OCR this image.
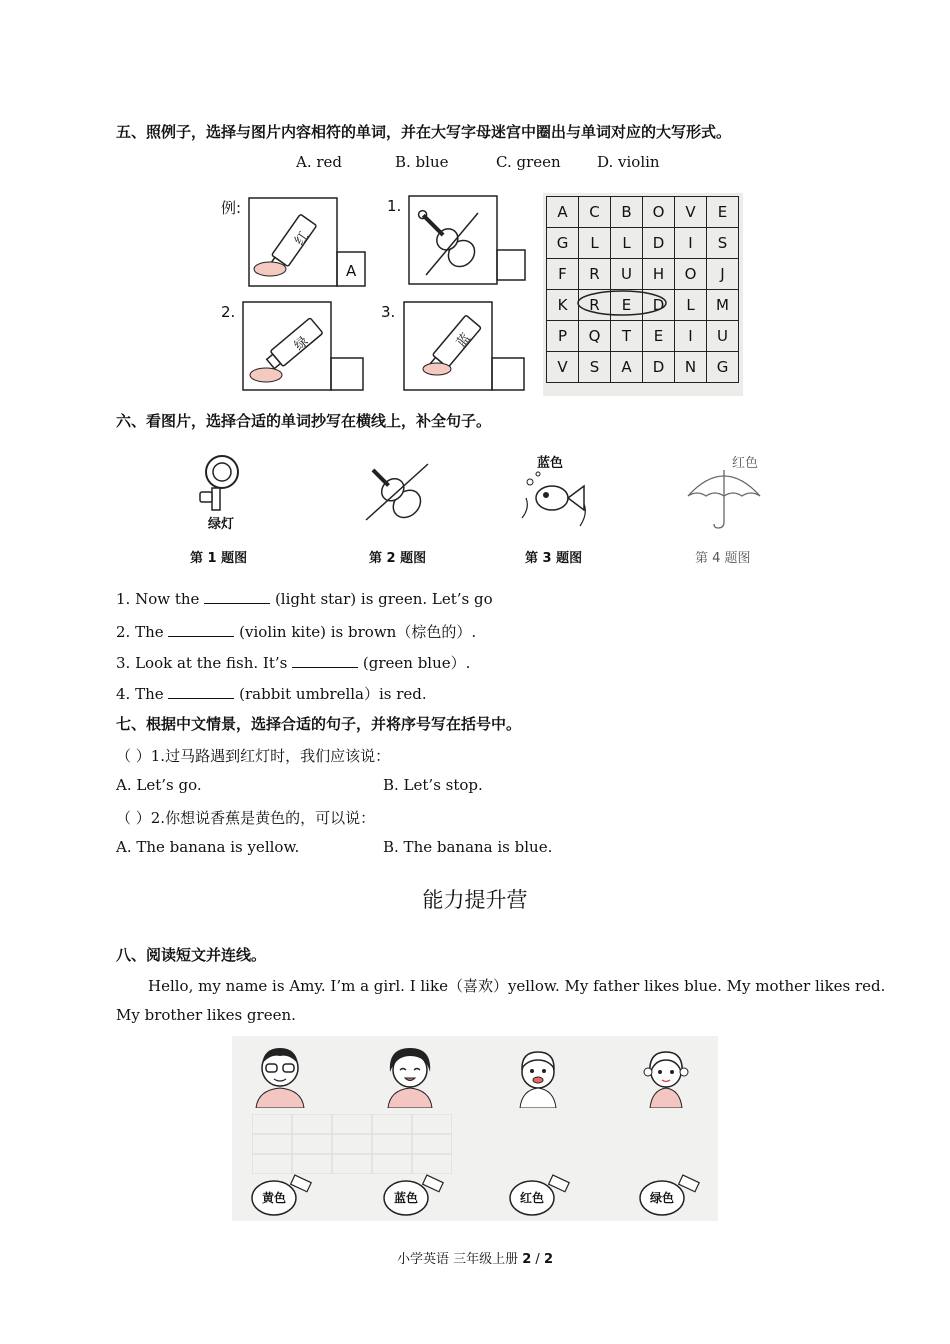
五、照例子，选择与图片内容相符的单词，并在大写字母迷宫中圈出与单词对应的大写形式。
A. red	B. blue	C. green D. violin
例:
红
A
1.
2.
绿
3.
蓝
A	C	B	O	V	E
G	L	L	D	I	S
F	R	U	H	O	J
K	R	E	D	L	M
P	Q	T	E	I	U
V	S	A	D	N	G
六、看图片，选择合适的单词抄写在横线上，补全句子。
绿灯
蓝色	红色
第 1 题图	第 2 题图	第 3 题图	第 4 题图
1. Now the	(light star) is green. Let’s go
2. The	(violin kite) is brown（棕色的）.
3. Look at the fish. It’s	(green blue）.
4. The	(rabbit umbrella）is red.
七、根据中文情景，选择合适的句子，并将序号写在括号中。
（ ）1.过马路遇到红灯时，我们应该说：
A. Let’s go.	B. Let’s stop.
（ ）2.你想说香蕉是黄色的，可以说：
A. The banana is yellow.	B. The banana is blue.
能力提升营
八、阅读短文并连线。
Hello, my name is Amy. I’m a girl. I like（喜欢）yellow. My father likes blue. My mother likes red.
My brother likes green.
黄色	蓝色	红色	绿色
小学英语 三年级上册 2 / 2
